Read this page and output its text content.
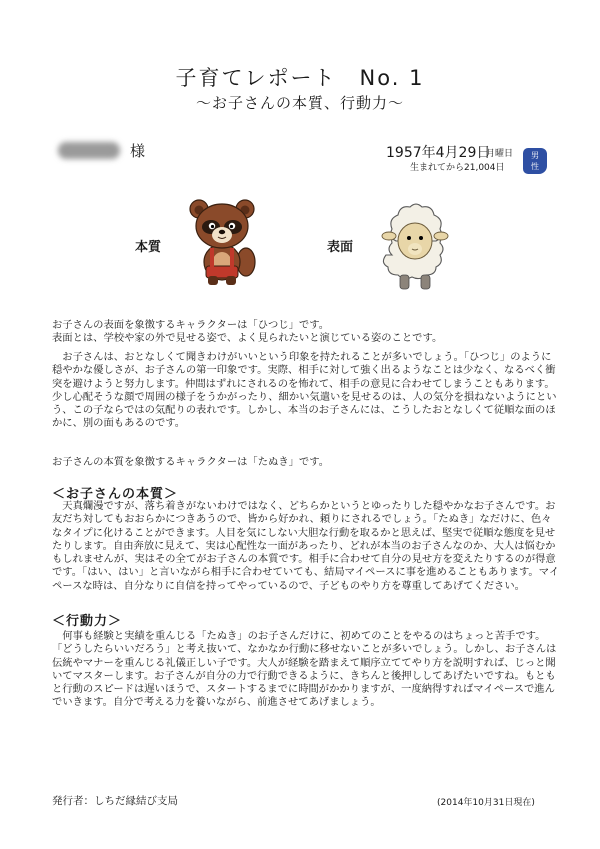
子育てレポート　No. 1
～お子さんの本質、行動力～
様	1957年4月29日
月曜日
生まれてから21,004日
男性
本質	表面

お子さんの表面を象徴するキャラクターは「ひつじ」です。

表面とは、学校や家の外で見せる姿で、よく見られたいと演じている姿のことです。

お子さんは、おとなしくて聞きわけがいいという印象を持たれることが多いでしょう。「ひつじ」のように穏やかな優しさが、お子さんの第一印象です。実際、相手に対して強く出るようなことは少なく、なるべく衝突を避けようと努力します。仲間はずれにされるのを怖れて、相手の意見に合わせてしまうこともあります。少し心配そうな顔で周囲の様子をうかがったり、細かい気遣いを見せるのは、人の気分を損ねないようにという、この子ならではの気配りの表れです。しかし、本当のお子さんには、こうしたおとなしくて従順な面のほかに、別の面もあるのです。

お子さんの本質を象徴するキャラクターは「たぬき」です。

＜お子さんの本質＞

天真爛漫ですが、落ち着きがないわけではなく、どちらかというとゆったりした穏やかなお子さんです。お友だち対してもおおらかにつきあうので、皆から好かれ、頼りにされるでしょう。「たぬき」なだけに、色々なタイプに化けることができます。人目を気にしない大胆な行動を取るかと思えば、堅実で従順な態度を見せたりします。自由奔放に見えて、実は心配性な一面があったり、どれが本当のお子さんなのか、大人は悩むかもしれませんが、実はその全てがお子さんの本質です。相手に合わせて自分の見せ方を変えたりするのが得意です。「はい、はい」と言いながら相手に合わせていても、結局マイペースに事を進めることもあります。マイペースな時は、自分なりに自信を持ってやっているので、子どものやり方を尊重してあげてください。

＜行動力＞

何事も経験と実績を重んじる「たぬき」のお子さんだけに、初めてのことをやるのはちょっと苦手です。「どうしたらいいだろう」と考え抜いて、なかなか行動に移せないことが多いでしょう。しかし、お子さんは伝統やマナーを重んじる礼儀正しい子です。大人が経験を踏まえて順序立ててやり方を説明すれば、じっと聞いてマスターします。お子さんが自分の力で行動できるように、きちんと後押ししてあげたいですね。もともと行動のスピードは遅いほうで、スタートするまでに時間がかかりますが、一度納得すればマイペースで進んでいきます。自分で考える力を養いながら、前進させてあげましょう。

発行者：しちだ縁結び支局	(2014年10月31日現在)
